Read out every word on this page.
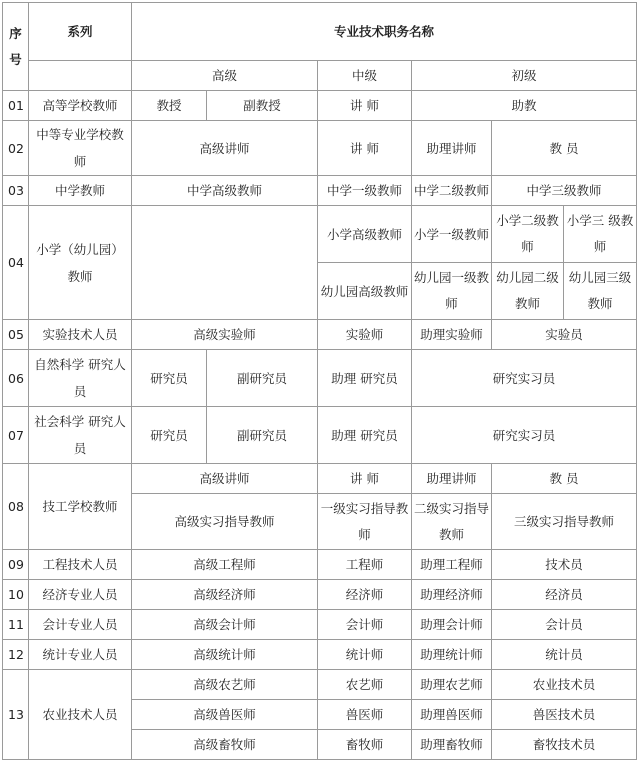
序号	系列	专业技术职务名称					
		高级		中级	初级		
01	高等学校教师	教授	副教授	讲 师	助教		
02	中等专业学校教师	高级讲师		讲 师	助理讲师	教 员	
03	中学教师	中学高级教师		中学一级教师	中学二级教师	中学三级教师	
04	小学（幼儿园）教师			小学高级教师	小学一级教师	小学二级教师	小学三 级教师
				幼儿园高级教师	幼儿园一级教师	幼儿园二级教师	幼儿园三级教师
05	实验技术人员	高级实验师		实验师	助理实验师	实验员	
06	自然科学 研究人员	研究员	副研究员	助理 研究员	研究实习员		
07	社会科学 研究人员	研究员	副研究员	助理 研究员	研究实习员		
08	技工学校教师	高级讲师		讲 师	助理讲师	教 员	
		高级实习指导教师		一级实习指导教师	二级实习指导教师	三级实习指导教师	
09	工程技术人员	高级工程师		工程师	助理工程师	技术员	
10	经济专业人员	高级经济师		经济师	助理经济师	经济员	
11	会计专业人员	高级会计师		会计师	助理会计师	会计员	
12	统计专业人员	高级统计师		统计师	助理统计师	统计员	
13	农业技术人员	高级农艺师		农艺师	助理农艺师	农业技术员	
		高级兽医师		兽医师	助理兽医师	兽医技术员	
		高级畜牧师		畜牧师	助理畜牧师	畜牧技术员	
